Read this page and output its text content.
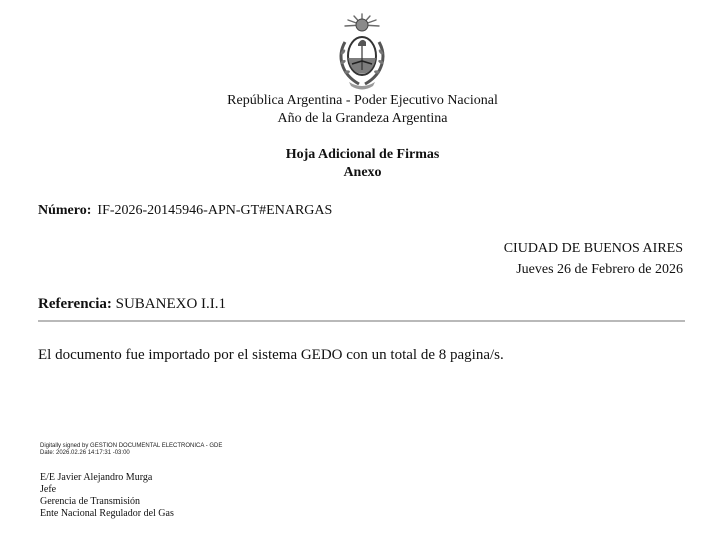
República Argentina - Poder Ejecutivo Nacional
Año de la Grandeza Argentina
Hoja Adicional de Firmas
Anexo
Número: IF-2026-20145946-APN-GT#ENARGAS
CIUDAD DE BUENOS AIRES
Jueves 26 de Febrero de 2026
Referencia: SUBANEXO I.I.1
El documento fue importado por el sistema GEDO con un total de 8 pagina/s.
Digitally signed by GESTION DOCUMENTAL ELECTRONICA - GDE
Date: 2026.02.26 14:17:31 -03:00
E/E Javier Alejandro Murga
Jefe
Gerencia de Transmisión
Ente Nacional Regulador del Gas
